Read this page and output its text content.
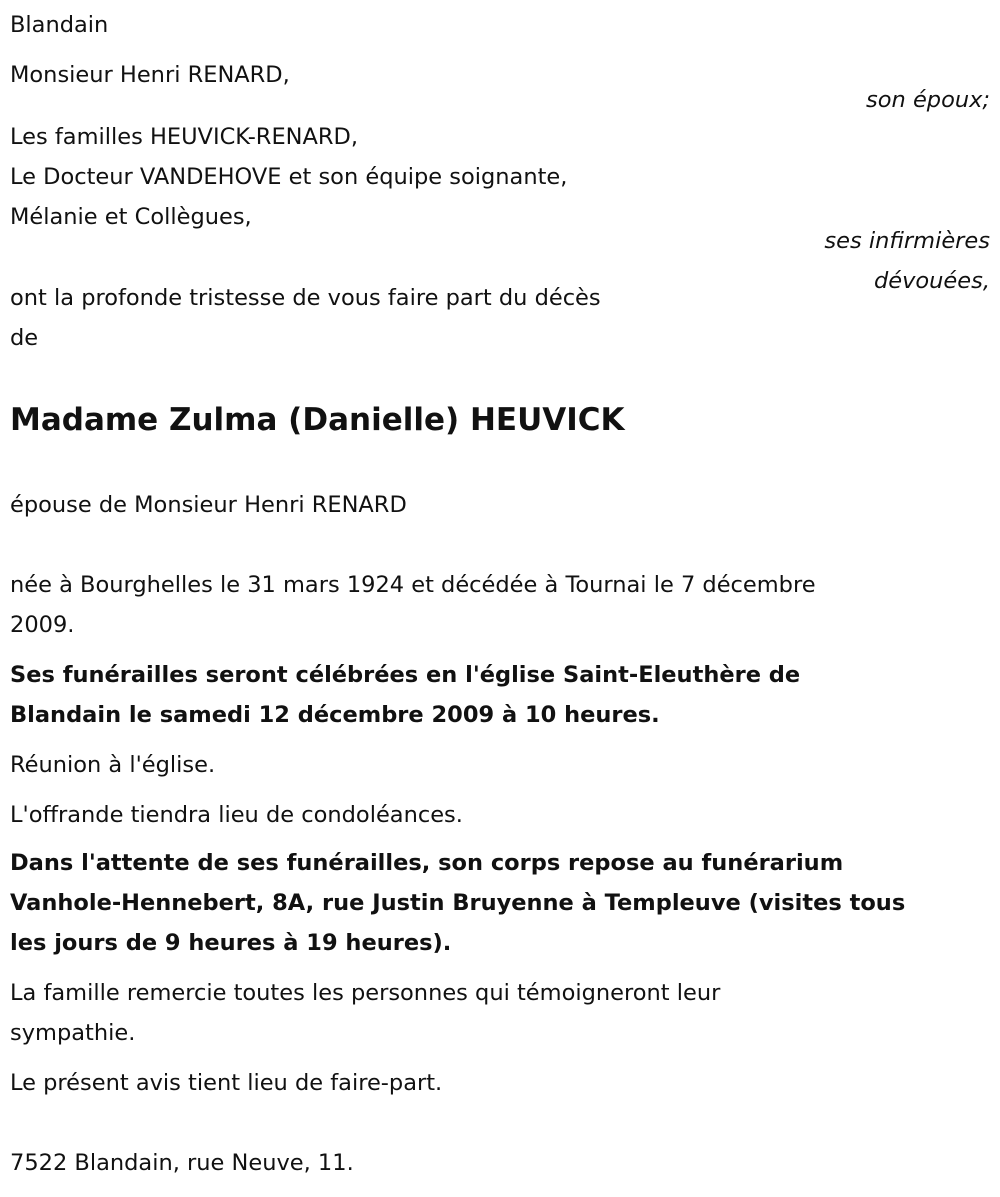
Blandain
Monsieur Henri RENARD,
son époux;
Les familles HEUVICK-RENARD,
Le Docteur VANDEHOVE et son équipe soignante,
Mélanie et Collègues,
ses infirmières
dévouées,
ont la profonde tristesse de vous faire part du décès
de
Madame Zulma (Danielle) HEUVICK
épouse de Monsieur Henri RENARD
née à Bourghelles le 31 mars 1924 et décédée à Tournai le 7 décembre
2009.
Ses funérailles seront célébrées en l'église Saint-Eleuthère de
Blandain le samedi 12 décembre 2009 à 10 heures.
Réunion à l'église.
L'offrande tiendra lieu de condoléances.
Dans l'attente de ses funérailles, son corps repose au funérarium
Vanhole-Hennebert, 8A, rue Justin Bruyenne à Templeuve (visites tous
les jours de 9 heures à 19 heures).
La famille remercie toutes les personnes qui témoigneront leur
sympathie.
Le présent avis tient lieu de faire-part.
7522 Blandain, rue Neuve, 11.
